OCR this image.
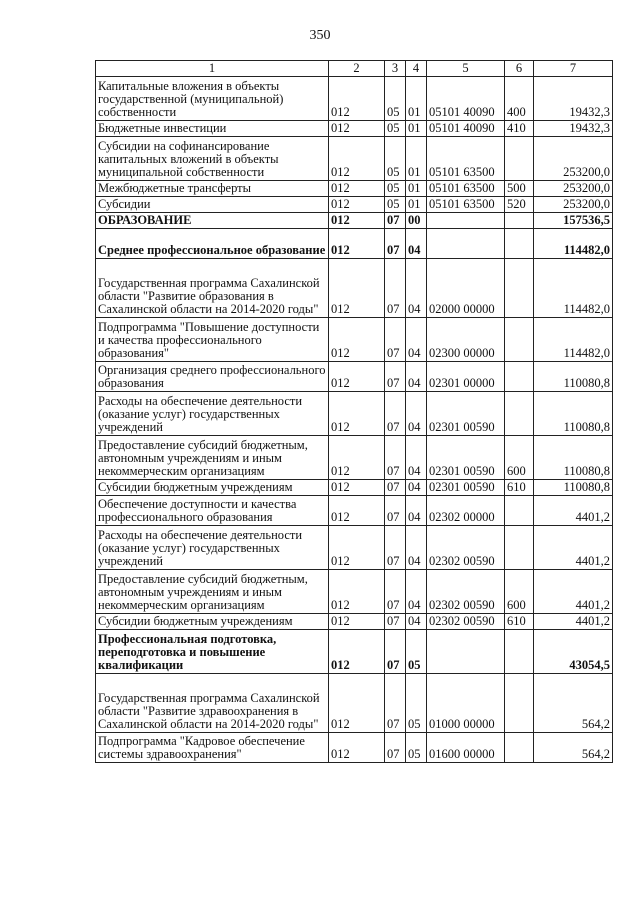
350
1	2	3	4	5	6	7
Капитальные вложения в объекты государственной (муниципальной) собственности	012	05	01	05101 40090	400	19432,3
Бюджетные инвестиции	012	05	01	05101 40090	410	19432,3
Субсидии на софинансирование капитальных вложений в объекты муниципальной собственности	012	05	01	05101 63500		253200,0
Межбюджетные трансферты	012	05	01	05101 63500	500	253200,0
Субсидии	012	05	01	05101 63500	520	253200,0
ОБРАЗОВАНИЕ	012	07	00			157536,5
Среднее профессиональное образование	012	07	04			114482,0
Государственная программа Сахалинской области "Развитие образования в Сахалинской области на 2014-2020 годы"	012	07	04	02000 00000		114482,0
Подпрограмма "Повышение доступности и качества профессионального образования"	012	07	04	02300 00000		114482,0
Организация среднего профессионального образования	012	07	04	02301 00000		110080,8
Расходы на обеспечение деятельности (оказание услуг) государственных учреждений	012	07	04	02301 00590		110080,8
Предоставление субсидий бюджетным, автономным учреждениям и иным некоммерческим организациям	012	07	04	02301 00590	600	110080,8
Субсидии бюджетным учреждениям	012	07	04	02301 00590	610	110080,8
Обеспечение доступности и качества профессионального образования	012	07	04	02302 00000		4401,2
Расходы на обеспечение деятельности (оказание услуг) государственных учреждений	012	07	04	02302 00590		4401,2
Предоставление субсидий бюджетным, автономным учреждениям и иным некоммерческим организациям	012	07	04	02302 00590	600	4401,2
Субсидии бюджетным учреждениям	012	07	04	02302 00590	610	4401,2
Профессиональная подготовка, переподготовка и повышение квалификации	012	07	05			43054,5
Государственная программа Сахалинской области "Развитие здравоохранения в Сахалинской области на 2014-2020 годы"	012	07	05	01000 00000		564,2
Подпрограмма "Кадровое обеспечение системы здравоохранения"	012	07	05	01600 00000		564,2
